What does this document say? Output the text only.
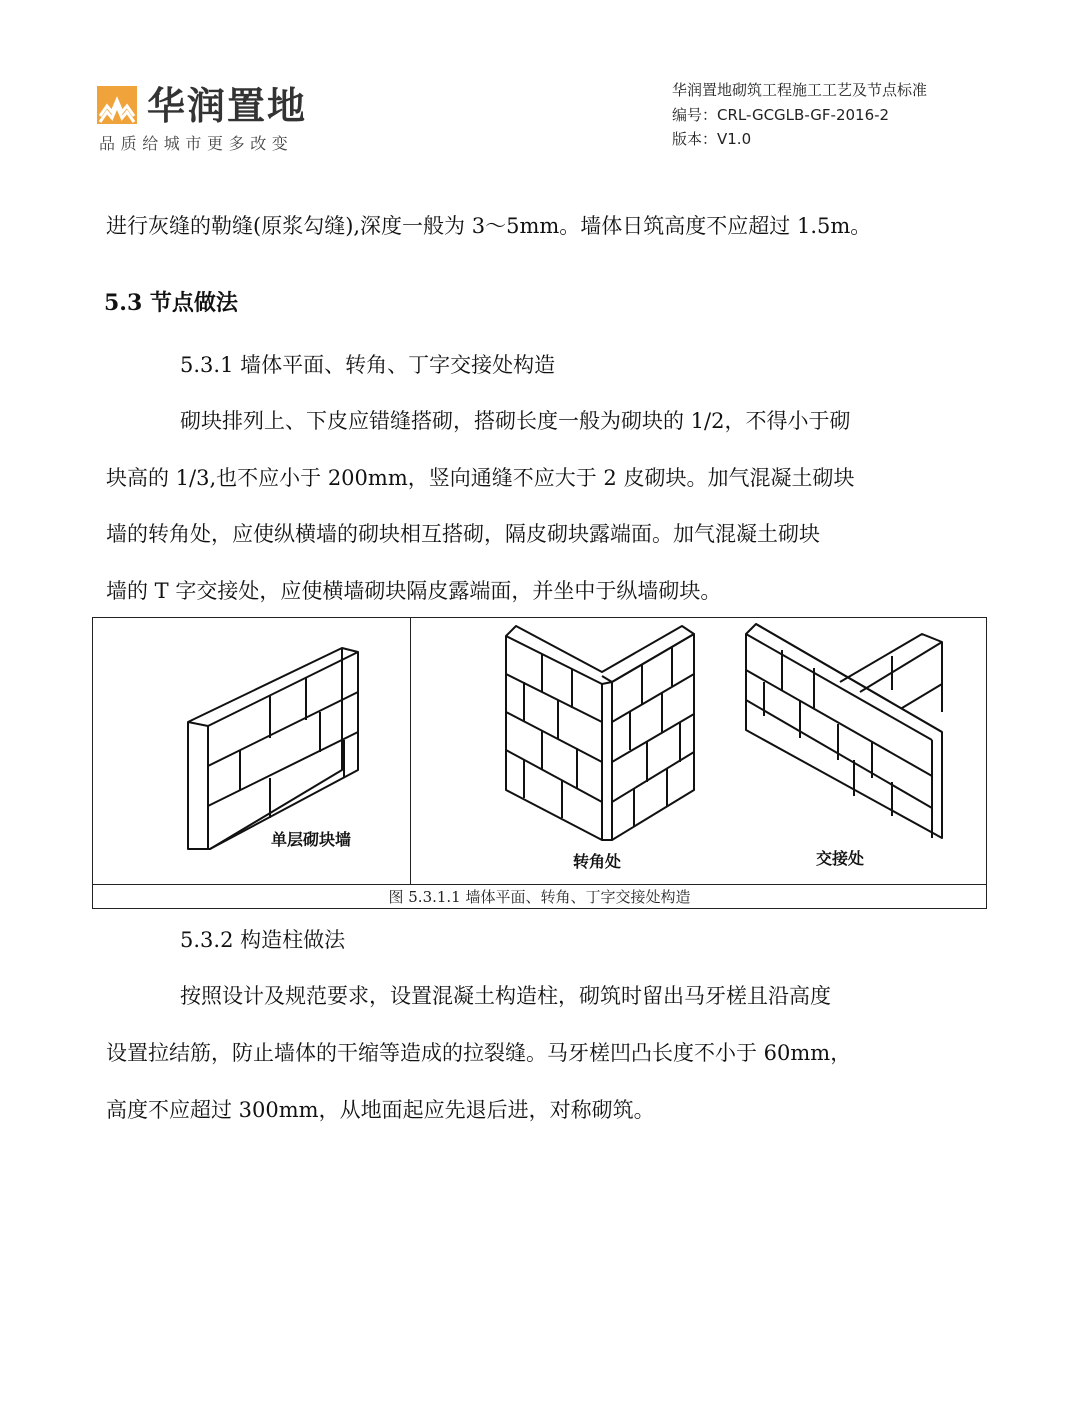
华润置地
品质给城市更多改变
华润置地砌筑工程施工工艺及节点标准
编号：CRL-GCGLB-GF-2016-2
版本：V1.0
进行灰缝的勒缝(原浆勾缝),深度一般为 3～5mm。墙体日筑高度不应超过 1.5m。
5.3 节点做法
5.3.1 墙体平面、转角、丁字交接处构造
砌块排列上、下皮应错缝搭砌，搭砌长度一般为砌块的 1/2，不得小于砌
块高的 1/3,也不应小于 200mm，竖向通缝不应大于 2 皮砌块。加气混凝土砌块
墙的转角处，应使纵横墙的砌块相互搭砌，隔皮砌块露端面。加气混凝土砌块
墙的 T 字交接处，应使横墙砌块隔皮露端面，并坐中于纵墙砌块。
单层砌块墙
转角处	交接处
图 5.3.1.1 墙体平面、转角、丁字交接处构造
5.3.2 构造柱做法
按照设计及规范要求，设置混凝土构造柱，砌筑时留出马牙槎且沿高度
设置拉结筋，防止墙体的干缩等造成的拉裂缝。马牙槎凹凸长度不小于 60mm，
高度不应超过 300mm，从地面起应先退后进，对称砌筑。
